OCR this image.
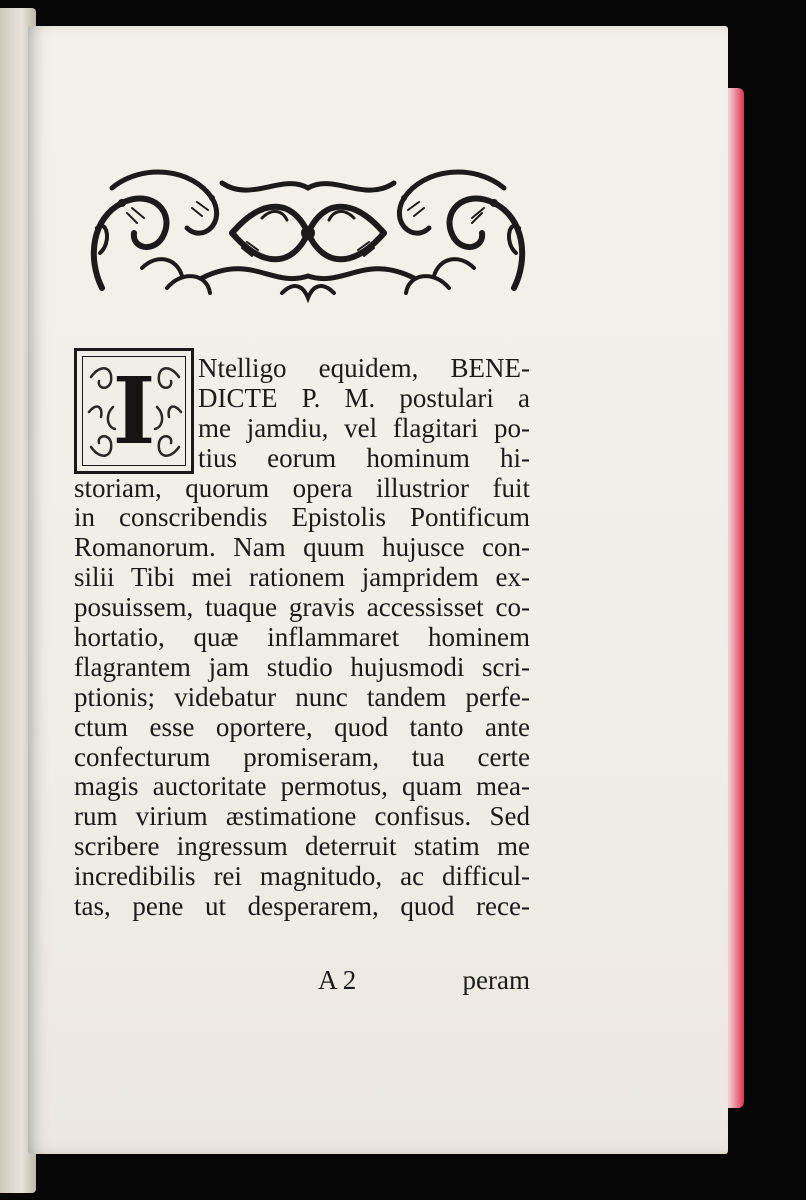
I	Ntelligo equidem, BENE-
DICTE P. M. postulari a
me jamdiu, vel flagitari po-
tius eorum hominum hi-
storiam, quorum opera illustrior fuit
in conscribendis Epistolis Pontificum
Romanorum. Nam quum hujusce con-
silii Tibi mei rationem jampridem ex-
posuissem, tuaque gravis accessisset co-
hortatio, quæ inflammaret hominem
flagrantem jam studio hujusmodi scri-
ptionis; videbatur nunc tandem perfe-
ctum esse oportere, quod tanto ante
confecturum promiseram, tua certe
magis auctoritate permotus, quam mea-
rum virium æstimatione confisus. Sed
scribere ingressum deterruit statim me
incredibilis rei magnitudo, ac difficul-
tas, pene ut desperarem, quod rece-
A 2	peram
